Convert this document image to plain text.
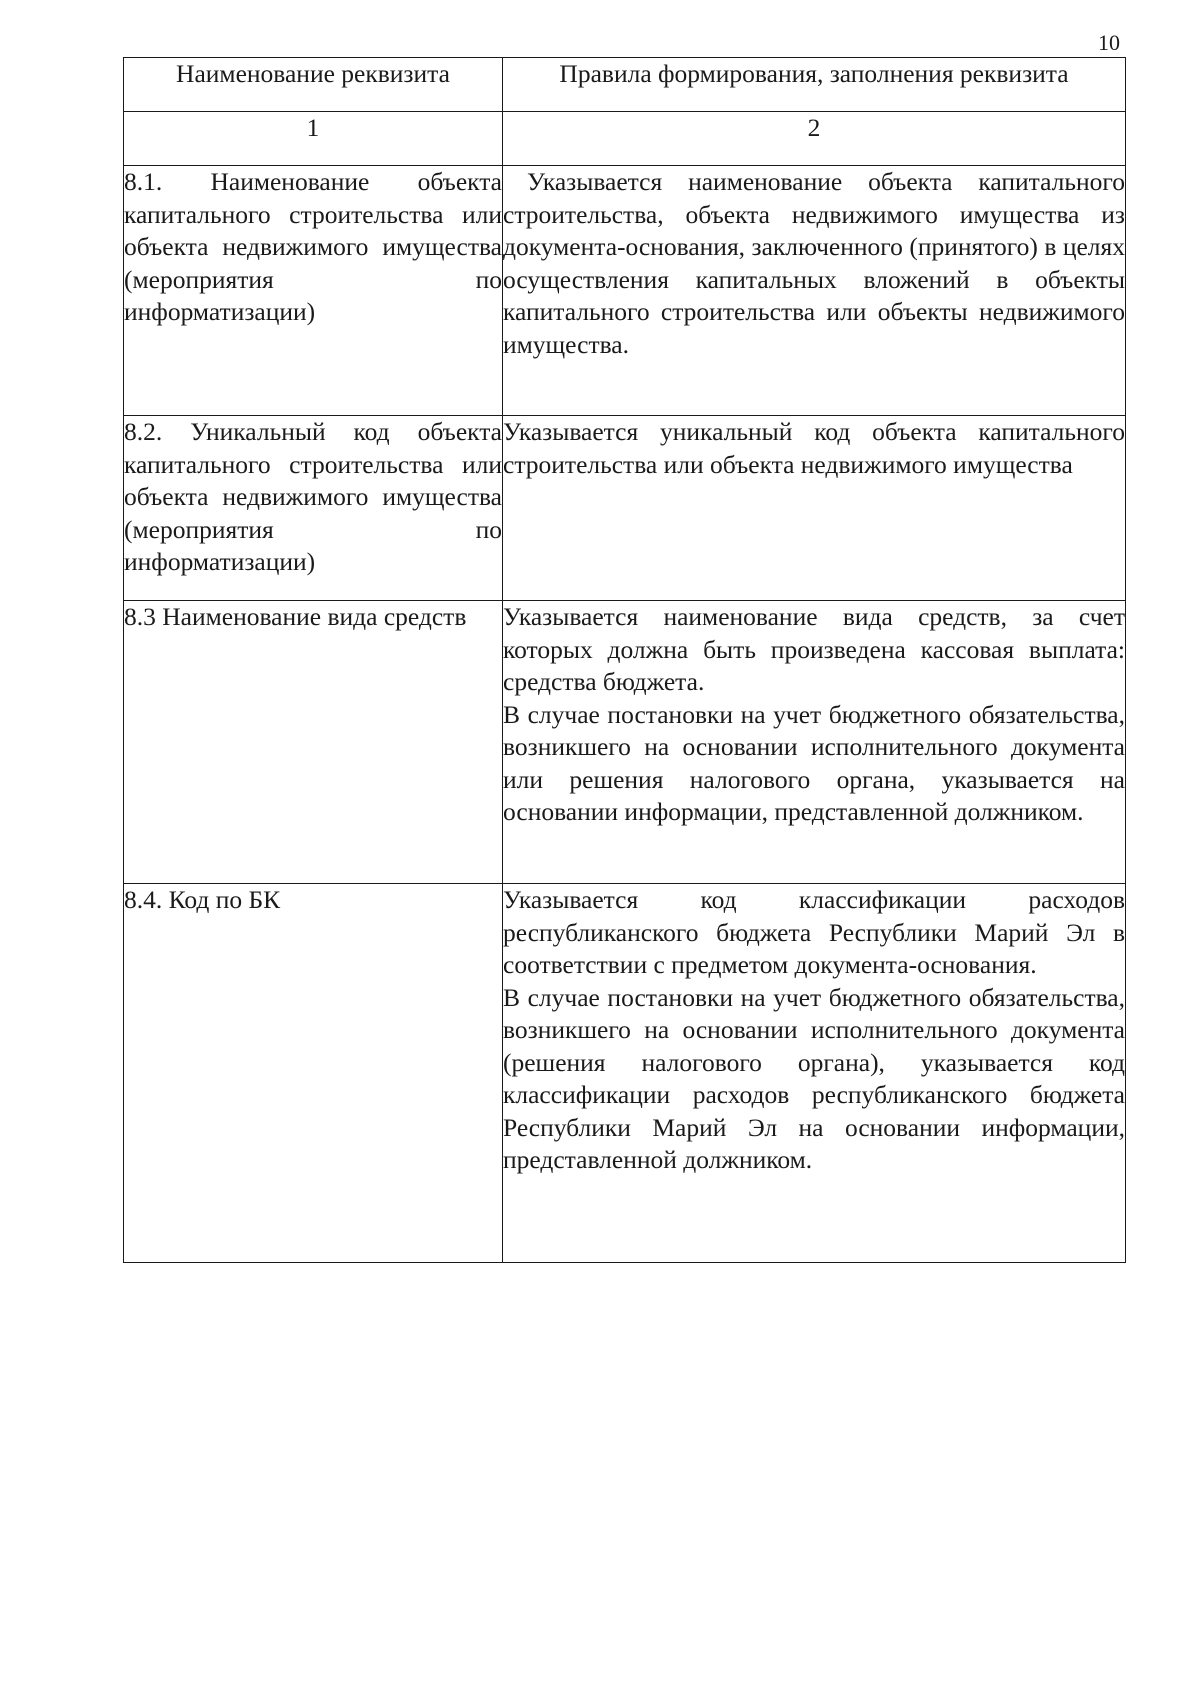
10
Наименование реквизита	Правила формирования, заполнения реквизита
1	2
8.1. Наименование объекта капитального строительства или объекта недвижимого имущества (мероприятия по информатизации)	Указывается наименование объекта капитального строительства, объекта недвижимого имущества из документа-основания, заключенного (принятого) в целях осуществления капитальных вложений в объекты капитального строительства или объекты недвижимого имущества.

8.2. Уникальный код объекта капитального строительства или объекта недвижимого имущества (мероприятия по информатизации)	Указывается уникальный код объекта капитального строительства или объекта недвижимого имущества

8.3 Наименование вида средств	Указывается наименование вида средств, за счет которых должна быть произведена кассовая выплата: средства бюджета.

В случае постановки на учет бюджетного обязательства, возникшего на основании исполнительного документа или решения налогового органа, указывается на основании информации, представленной должником.

8.4. Код по БК	Указывается код классификации расходов республиканского бюджета Республики Марий Эл в соответствии с предметом документа-основания.

В случае постановки на учет бюджетного обязательства, возникшего на основании исполнительного документа (решения налогового органа), указывается код классификации расходов республиканского бюджета Республики Марий Эл на основании информации, представленной должником.
